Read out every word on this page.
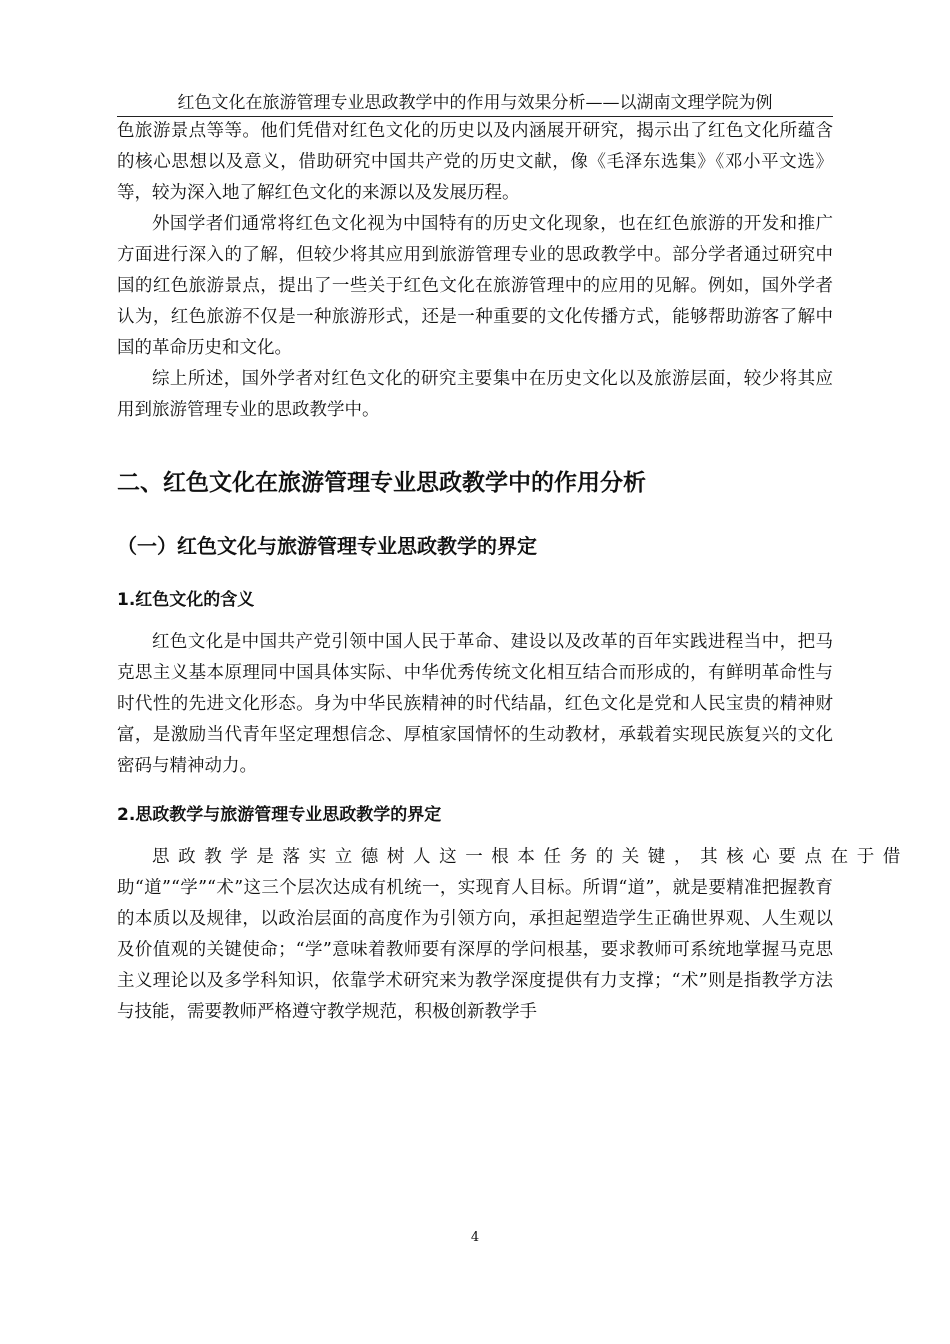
红色文化在旅游管理专业思政教学中的作用与效果分析——以湖南文理学院为例

色旅游景点等等。他们凭借对红色文化的历史以及内涵展开研究，揭示出了红色文化所蕴含的核心思想以及意义，借助研究中国共产党的历史文献，像《毛泽东选集》《邓小平文选》等，较为深入地了解红色文化的来源以及发展历程。

外国学者们通常将红色文化视为中国特有的历史文化现象，也在红色旅游的开发和推广方面进行深入的了解，但较少将其应用到旅游管理专业的思政教学中。部分学者通过研究中国的红色旅游景点，提出了一些关于红色文化在旅游管理中的应用的见解。例如，国外学者认为，红色旅游不仅是一种旅游形式，还是一种重要的文化传播方式，能够帮助游客了解中国的革命历史和文化。

综上所述，国外学者对红色文化的研究主要集中在历史文化以及旅游层面，较少将其应用到旅游管理专业的思政教学中。

二、红色文化在旅游管理专业思政教学中的作用分析
（一）红色文化与旅游管理专业思政教学的界定
1.红色文化的含义

红色文化是中国共产党引领中国人民于革命、建设以及改革的百年实践进程当中，把马克思主义基本原理同中国具体实际、中华优秀传统文化相互结合而形成的，有鲜明革命性与时代性的先进文化形态。身为中华民族精神的时代结晶，红色文化是党和人民宝贵的精神财富，是激励当代青年坚定理想信念、厚植家国情怀的生动教材，承载着实现民族复兴的文化密码与精神动力。

2.思政教学与旅游管理专业思政教学的界定

思政教学是落实立德树人这一根本任务的关键，其核心要点在于借

助“道”“学”“术”这三个层次达成有机统一，实现育人目标。所谓“道”，就是要精准把握教育的本质以及规律，以政治层面的高度作为引领方向，承担起塑造学生正确世界观、人生观以及价值观的关键使命；“学”意味着教师要有深厚的学问根基，要求教师可系统地掌握马克思主义理论以及多学科知识，依靠学术研究来为教学深度提供有力支撑；“术”则是指教学方法与技能，需要教师严格遵守教学规范，积极创新教学手

4
